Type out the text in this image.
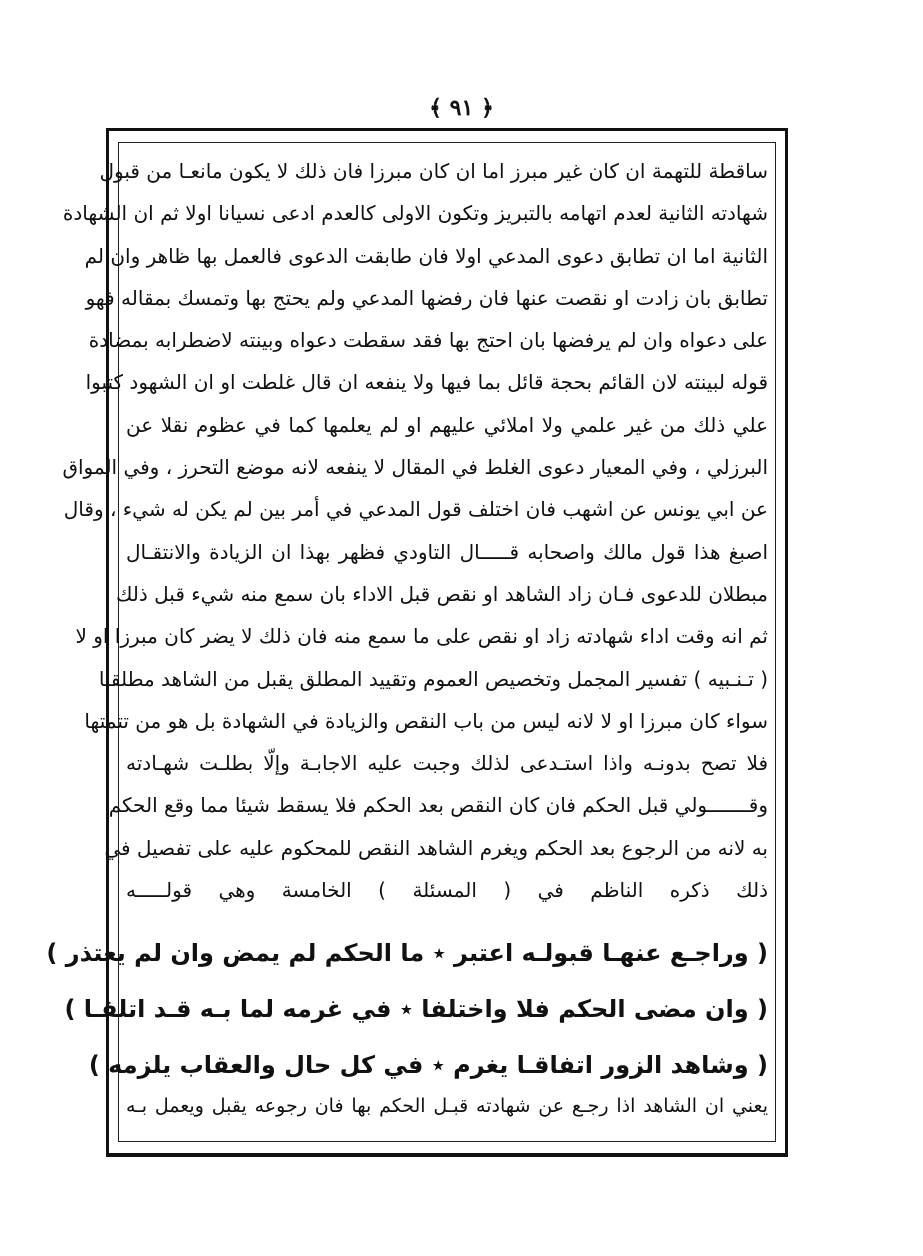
﴿ ٩١ ﴾
ساقطة للتهمة ان كان غير مبرز اما ان كان مبرزا فان ذلك لا يكون مانعـا من قبول
شهادته الثانية لعدم اتهامه بالتبريز وتكون الاولى كالعدم ادعى نسيانا اولا ثم ان الشهادة
الثانية اما ان تطابق دعوى المدعي اولا فان طابقت الدعوى فالعمل بها ظاهر وان لم
تطابق بان زادت او نقصت عنها فان رفضها المدعي ولم يحتج بها وتمسك بمقاله فهو
على دعواه وان لم يرفضها بان احتج بها فقد سقطت دعواه وبينته لاضطرابه بمضادة
قوله لبينته لان القائم بحجة قائل بما فيها ولا ينفعه ان قال غلطت او ان الشهود كتبوا
علي ذلك من غير علمي ولا املائي عليهم او لم يعلمها كما في عظوم نقلا عن
البرزلي ، وفي المعيار دعوى الغلط في المقال لا ينفعه لانه موضع التحرز ، وفي المواق
عن ابي يونس عن اشهب فان اختلف قول المدعي في أمر بين لم يكن له شيء ، وقال
اصبغ هذا قول مالك واصحابه قـــــال التاودي فظهر بهذا ان الزيادة والانتقـال
مبطلان للدعوى فـان زاد الشاهد او نقص قبل الاداء بان سمع منه شيء قبل ذلك
ثم انه وقت اداء شهادته زاد او نقص على ما سمع منه فان ذلك لا يضر كان مبرزا او لا
( تـنـبيه ) تفسير المجمل وتخصيص العموم وتقييد المطلق يقبل من الشاهد مطلقـا
سواء كان مبرزا او لا لانه ليس من باب النقص والزيادة في الشهادة بل هو من تتمتها
فلا تصح بدونـه واذا استـدعى لذلك وجبت عليه الاجابـة وإلّا بطلـت شهـادته
وقـــــــولي قبل الحكم فان كان النقص بعد الحكم فلا يسقط شيئا مما وقع الحكم
به لانه من الرجوع بعد الحكم ويغرم الشاهد النقص للمحكوم عليه على تفصيل في
ذلك ذكره الناظم في ( المسئلة ) الخامسة وهي قولـــــه
( وراجـع عنهـا قبولـه اعتبر ٭ ما الحكم لم يمض وان لم يعتذر )
( وان مضى الحكم فلا واختلفا ٭ في غرمه لما بـه قـد اتلفـا )
( وشاهد الزور اتفاقـا يغرم ٭ في كل حال والعقاب يلزمه )
يعني ان الشاهد اذا رجـع عن شهادته قبـل الحكم بها فان رجوعه يقبل ويعمل بـه
